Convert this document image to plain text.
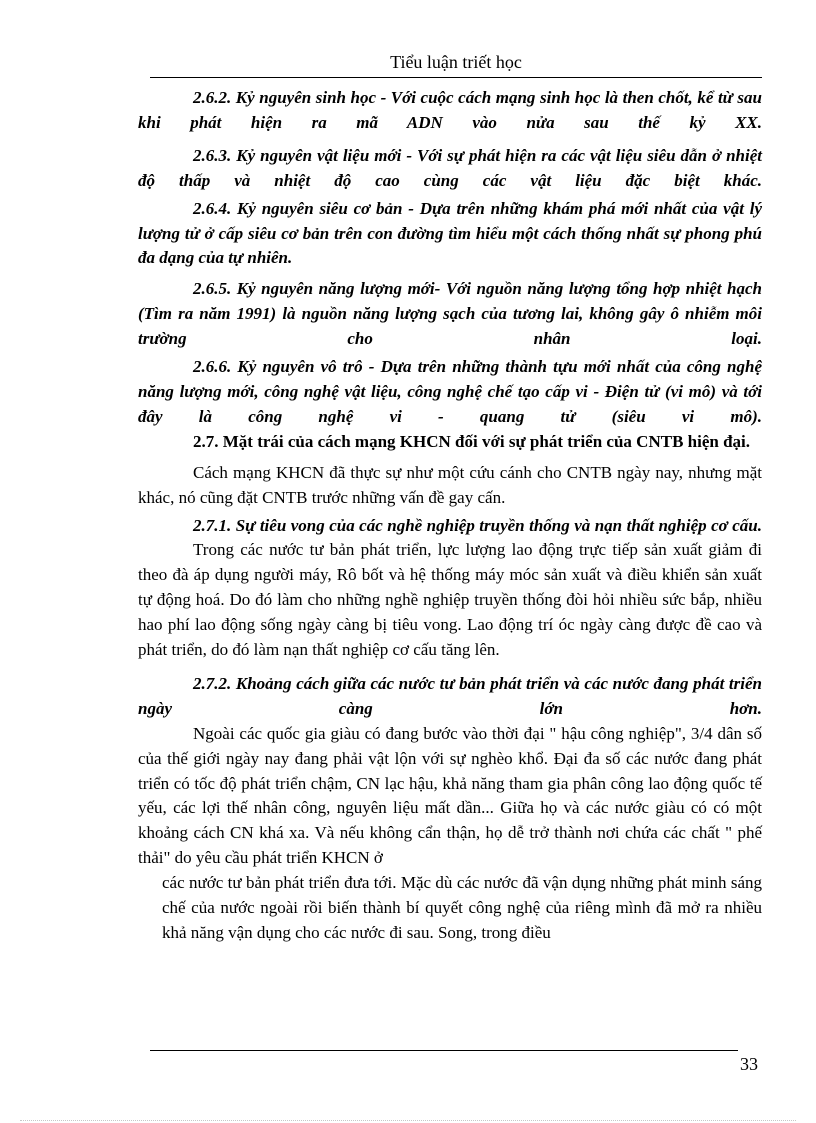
Tiểu luận triết học

2.6.2. Kỷ nguyên sinh học - Với cuộc cách mạng sinh học là then chốt, kể từ sau khi phát hiện ra mã ADN vào nửa sau thế kỷ XX.

2.6.3. Kỷ nguyên vật liệu mới - Với sự phát hiện ra các vật liệu siêu dẫn ở nhiệt độ thấp và nhiệt độ cao cùng các vật liệu đặc biệt khác.

2.6.4. Kỷ nguyên siêu cơ bản - Dựa trên những khám phá mới nhất của vật lý lượng tử ở cấp siêu cơ bản trên con đường tìm hiểu một cách thống nhất sự phong phú đa dạng của tự nhiên.

2.6.5. Kỷ nguyên năng lượng mới- Với nguồn năng lượng tổng hợp nhiệt hạch (Tìm ra năm 1991) là nguồn năng lượng sạch của tương lai, không gây ô nhiễm môi trường cho nhân loại.

2.6.6. Kỷ nguyên vô trô - Dựa trên những thành tựu mới nhất của công nghệ năng lượng mới, công nghệ vật liệu, công nghệ chế tạo cấp vi - Điện tử (vi mô) và tới đây là công nghệ vi - quang tử (siêu vi mô).

2.7. Mặt trái của cách mạng KHCN đối với sự phát triển của CNTB hiện đại.

Cách mạng KHCN đã thực sự như một cứu cánh cho CNTB ngày nay, nhưng mặt khác, nó cũng đặt CNTB trước những vấn đề gay cấn.

2.7.1. Sự tiêu vong của các nghề nghiệp truyền thống và nạn thất nghiệp cơ cấu.

Trong các nước tư bản phát triển, lực lượng lao động trực tiếp sản xuất giảm đi theo đà áp dụng người máy, Rô bốt và hệ thống máy móc sản xuất và điều khiển sản xuất tự động hoá. Do đó làm cho những nghề nghiệp truyền thống đòi hỏi nhiều sức bắp, nhiều hao phí lao động sống ngày càng bị tiêu vong. Lao động trí óc ngày càng được đề cao và phát triển, do đó làm nạn thất nghiệp cơ cấu tăng lên.

2.7.2. Khoảng cách giữa các nước tư bản phát triển và các nước đang phát triển ngày càng lớn hơn.

Ngoài các quốc gia giàu có đang bước vào thời đại " hậu công nghiệp", 3/4 dân số của thế giới ngày nay đang phải vật lộn với sự nghèo khổ. Đại đa số các nước đang phát triển có tốc độ phát triển chậm, CN lạc hậu, khả năng tham gia phân công lao động quốc tế yếu, các lợi thế nhân công, nguyên liệu mất dần... Giữa họ và các nước giàu có có một khoảng cách CN khá xa. Và nếu không cẩn thận, họ dễ trở thành nơi chứa các chất " phế thải" do yêu cầu phát triển KHCN ở

các nước tư bản phát triển đưa tới. Mặc dù các nước đã vận dụng những phát minh sáng chế của nước ngoài rồi biến thành bí quyết công nghệ của riêng mình đã mở ra nhiều khả năng vận dụng cho các nước đi sau. Song, trong điều

33
